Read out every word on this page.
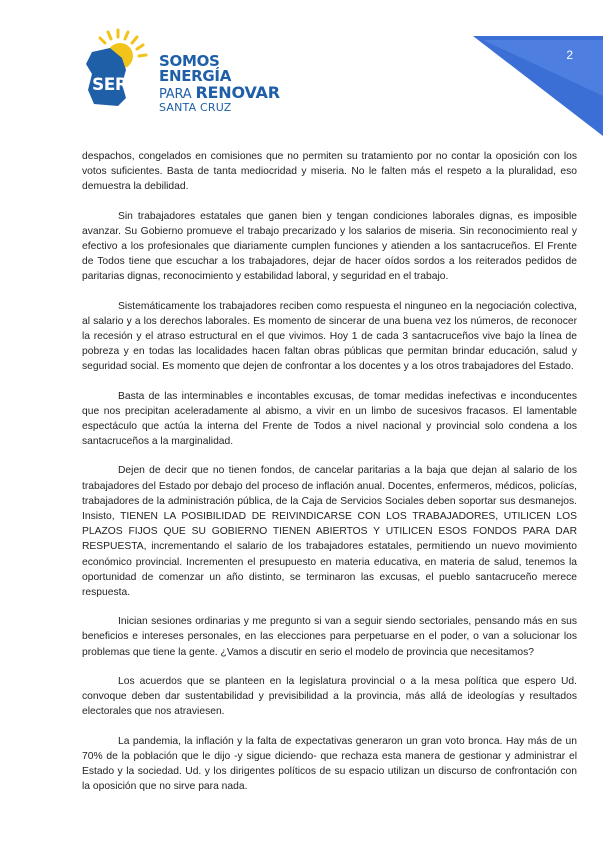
SOMOS ENERGÍA
PARA RENOVAR
SANTA CRUZ
SER
2

despachos, congelados en comisiones que no permiten su tratamiento por no contar la oposición con los votos suficientes. Basta de tanta mediocridad y miseria. No le falten más el respeto a la pluralidad, eso demuestra la debilidad.

Sin trabajadores estatales que ganen bien y tengan condiciones laborales dignas, es imposible avanzar. Su Gobierno promueve el trabajo precarizado y los salarios de miseria. Sin reconocimiento real y efectivo a los profesionales que diariamente cumplen funciones y atienden a los santacruceños. El Frente de Todos tiene que escuchar a los trabajadores, dejar de hacer oídos sordos a los reiterados pedidos de paritarias dignas, reconocimiento y estabilidad laboral, y seguridad en el trabajo.

Sistemáticamente los trabajadores reciben como respuesta el ninguneo en la negociación colectiva, al salario y a los derechos laborales. Es momento de sincerar de una buena vez los números, de reconocer la recesión y el atraso estructural en el que vivimos. Hoy 1 de cada 3 santacruceños vive bajo la línea de pobreza y en todas las localidades hacen faltan obras públicas que permitan brindar educación, salud y seguridad social. Es momento que dejen de confrontar a los docentes y a los otros trabajadores del Estado.

Basta de las interminables e incontables excusas, de tomar medidas inefectivas e inconducentes que nos precipitan aceleradamente al abismo, a vivir en un limbo de sucesivos fracasos. El lamentable espectáculo que actúa la interna del Frente de Todos a nivel nacional y provincial solo condena a los santacruceños a la marginalidad.

Dejen de decir que no tienen fondos, de cancelar paritarias a la baja que dejan al salario de los trabajadores del Estado por debajo del proceso de inflación anual. Docentes, enfermeros, médicos, policías, trabajadores de la administración pública, de la Caja de Servicios Sociales deben soportar sus desmanejos. Insisto, TIENEN LA POSIBILIDAD DE REIVINDICARSE CON LOS TRABAJADORES, UTILICEN LOS PLAZOS FIJOS QUE SU GOBIERNO TIENEN ABIERTOS Y UTILICEN ESOS FONDOS PARA DAR RESPUESTA, incrementando el salario de los trabajadores estatales, permitiendo un nuevo movimiento económico provincial. Incrementen el presupuesto en materia educativa, en materia de salud, tenemos la oportunidad de comenzar un año distinto, se terminaron las excusas, el pueblo santacruceño merece respuesta.

Inician sesiones ordinarias y me pregunto si van a seguir siendo sectoriales, pensando más en sus beneficios e intereses personales, en las elecciones para perpetuarse en el poder, o van a solucionar los problemas que tiene la gente. ¿Vamos a discutir en serio el modelo de provincia que necesitamos?

Los acuerdos que se planteen en la legislatura provincial o a la mesa política que espero Ud. convoque deben dar sustentabilidad y previsibilidad a la provincia, más allá de ideologías y resultados electorales que nos atraviesen.

La pandemia, la inflación y la falta de expectativas generaron un gran voto bronca. Hay más de un 70% de la población que le dijo -y sigue diciendo- que rechaza esta manera de gestionar y administrar el Estado y la sociedad. Ud. y los dirigentes políticos de su espacio utilizan un discurso de confrontación con la oposición que no sirve para nada.
